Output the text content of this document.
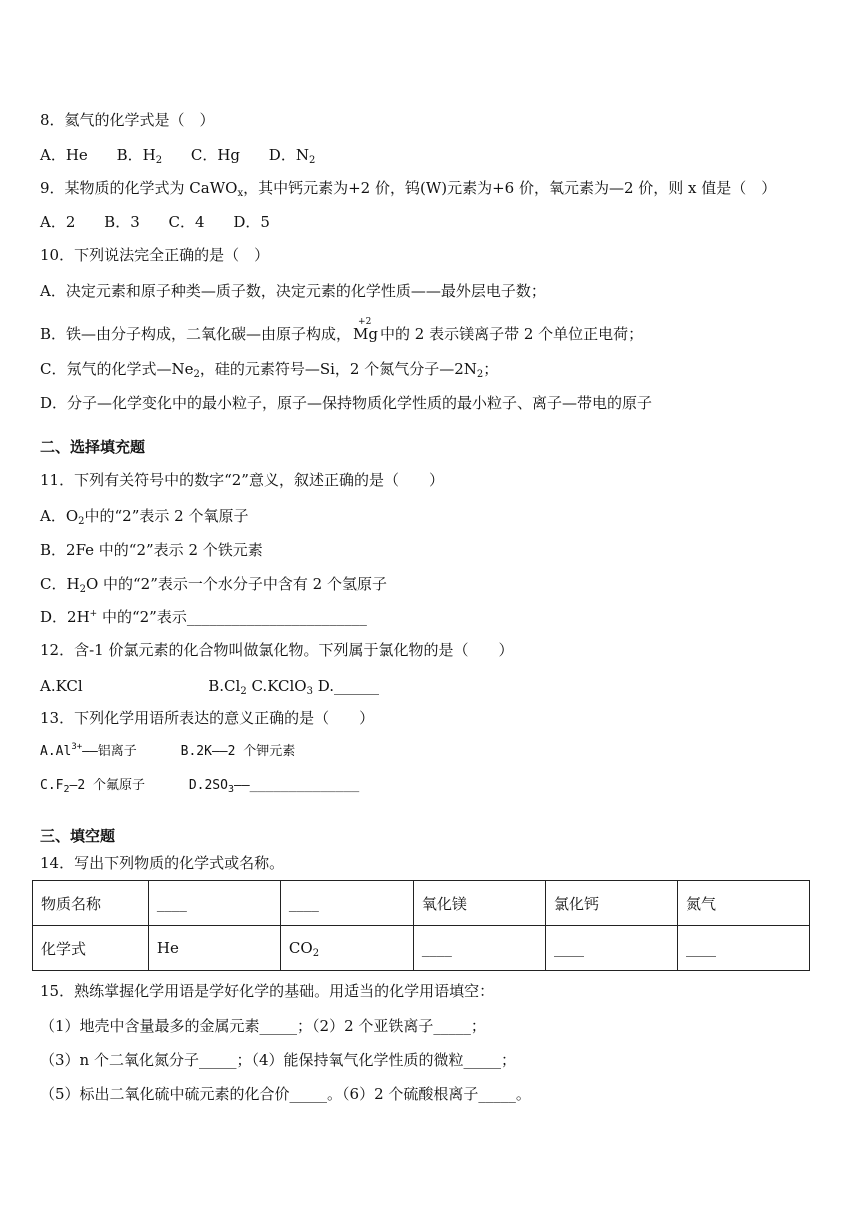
8．氦气的化学式是（　）
A．He B．$H_2$ C．Hg D．$N_2$
9．某物质的化学式为 CaWO$_x$，其中钙元素为+2 价，钨(W)元素为+6 价，氧元素为—2 价，则 x 值是（　）
A．2 B．3 C．4 D．5
10．下列说法完全正确的是（　）
A．决定元素和原子种类—质子数，决定元素的化学性质——最外层电子数；
B．铁—由分子构成，二氧化碳—由原子构成，
+2
Mg 中的 2 表示镁离子带 2 个单位正电荷；
C．氖气的化学式$—Ne_2$，硅的元素符号—Si，2 个氮气分子$—2N_2$；
D．分子—化学变化中的最小粒子，原子—保持物质化学性质的最小粒子、离子—带电的原子
二、选择填充题
11．下列有关符号中的数字“2”意义，叙述正确的是（　　）
A．$O_2$中的“2”表示 2 个氧原子
B．2Fe 中的“2”表示 2 个铁元素
C．$H_2O$ 中的“2”表示一个水分子中含有 2 个氢原子
D．2H+ 中的“2”表示________________________
12．含-1 价氯元素的化合物叫做氯化物。下列属于氯化物的是（　　）
A.KCl	$B.Cl_2$ C.KClO$_3$ D.______
13．下列化学用语所表达的意义正确的是（　　）
$A.Al^{3+}——$铝离子	B.2K——2 个钾元素
$C.F_2—2$ 个氟原子	$D.2SO_3——\_\_\_\_\_\_\_\_\_\_\_\_\_\_$
三、填空题
14．写出下列物质的化学式或名称。
物质名称	____	____	氧化镁	氯化钙	氮气
化学式	He	$CO_2$	____	____	____
15．熟练掌握化学用语是学好化学的基础。用适当的化学用语填空：
（1）地壳中含量最多的金属元素_____；（2）2 个亚铁离子_____；
（3）n 个二氧化氮分子_____；（4）能保持氧气化学性质的微粒_____；
（5）标出二氧化硫中硫元素的化合价_____。（6）2 个硫酸根离子_____。
